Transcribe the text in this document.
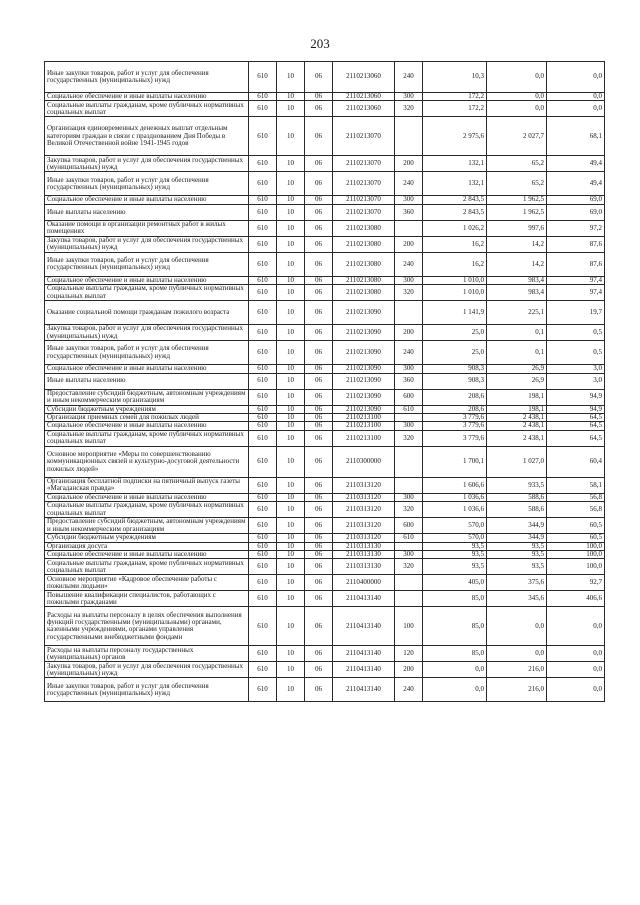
203
Иные закупки товаров, работ и услуг для обеспечения государственных (муниципальных) нужд	610	10	06	2110213060	240	10,3	0,0	0,0
Социальное обеспечение и иные выплаты населению	610	10	06	2110213060	300	172,2	0,0	0,0
Социальные выплаты гражданам, кроме публичных нормативных социальных выплат	610	10	06	2110213060	320	172,2	0,0	0,0
Организация единовременных денежных выплат отдельным категориям граждан в связи с празднованием Дня Победы в Великой Отечественной войне 1941-1945 годов	610	10	06	2110213070		2 975,6	2 027,7	68,1
Закупка товаров, работ и услуг для обеспечения государственных (муниципальных) нужд	610	10	06	2110213070	200	132,1	65,2	49,4
Иные закупки товаров, работ и услуг для обеспечения государственных (муниципальных) нужд	610	10	06	2110213070	240	132,1	65,2	49,4
Социальное обеспечение и иные выплаты населению	610	10	06	2110213070	300	2 843,5	1 962,5	69,0
Иные выплаты населению	610	10	06	2110213070	360	2 843,5	1 962,5	69,0
Оказание помощи в организации ремонтных работ в жилых помещениях	610	10	06	2110213080		1 026,2	997,6	97,2
Закупка товаров, работ и услуг для обеспечения государственных (муниципальных) нужд	610	10	06	2110213080	200	16,2	14,2	87,6
Иные закупки товаров, работ и услуг для обеспечения государственных (муниципальных) нужд	610	10	06	2110213080	240	16,2	14,2	87,6
Социальное обеспечение и иные выплаты населению	610	10	06	2110213080	300	1 010,0	983,4	97,4
Социальные выплаты гражданам, кроме публичных нормативных социальных выплат	610	10	06	2110213080	320	1 010,0	983,4	97,4
Оказание социальной помощи гражданам пожилого возраста	610	10	06	2110213090		1 141,9	225,1	19,7
Закупка товаров, работ и услуг для обеспечения государственных (муниципальных) нужд	610	10	06	2110213090	200	25,0	0,1	0,5
Иные закупки товаров, работ и услуг для обеспечения государственных (муниципальных) нужд	610	10	06	2110213090	240	25,0	0,1	0,5
Социальное обеспечение и иные выплаты населению	610	10	06	2110213090	300	908,3	26,9	3,0
Иные выплаты населению	610	10	06	2110213090	360	908,3	26,9	3,0
Предоставление субсидий бюджетным, автономным учреждениям и иным некоммерческим организациям	610	10	06	2110213090	600	208,6	198,1	94,9
Субсидии бюджетным учреждениям	610	10	06	2110213090	610	208,6	198,1	94,9
Организация приемных семей для пожилых людей	610	10	06	2110213100		3 779,6	2 438,1	64,5
Социальное обеспечение и иные выплаты населению	610	10	06	2110213100	300	3 779,6	2 438,1	64,5
Социальные выплаты гражданам, кроме публичных нормативных социальных выплат	610	10	06	2110213100	320	3 779,6	2 438,1	64,5
Основное мероприятие «Меры по совершенствованию коммуникационных связей и культурно-досуговой деятельности пожилых людей»	610	10	06	2110300000		1 700,1	1 027,0	60,4
Организация бесплатной подписки на пятничный выпуск газеты «Магаданская правда»	610	10	06	2110313120		1 606,6	933,5	58,1
Социальное обеспечение и иные выплаты населению	610	10	06	2110313120	300	1 036,6	588,6	56,8
Социальные выплаты гражданам, кроме публичных нормативных социальных выплат	610	10	06	2110313120	320	1 036,6	588,6	56,8
Предоставление субсидий бюджетным, автономным учреждениям и иным некоммерческим организациям	610	10	06	2110313120	600	570,0	344,9	60,5
Субсидии бюджетным учреждениям	610	10	06	2110313120	610	570,0	344,9	60,5
Организация досуга	610	10	06	2110313130		93,5	93,5	100,0
Социальное обеспечение и иные выплаты населению	610	10	06	2110313130	300	93,5	93,5	100,0
Социальные выплаты гражданам, кроме публичных нормативных социальных выплат	610	10	06	2110313130	320	93,5	93,5	100,0
Основное мероприятие «Кадровое обеспечение работы с пожилыми людьми»	610	10	06	2110400000		405,0	375,6	92,7
Повышение квалификации специалистов, работающих с пожилыми гражданами	610	10	06	2110413140		85,0	345,6	406,6
Расходы на выплаты персоналу в целях обеспечения выполнения функций государственными (муниципальными) органами, казенными учреждениями, органами управления государственными внебюджетными фондами	610	10	06	2110413140	100	85,0	0,0	0,0
Расходы на выплаты персоналу государственных (муниципальных) органов	610	10	06	2110413140	120	85,0	0,0	0,0
Закупка товаров, работ и услуг для обеспечения государственных (муниципальных) нужд	610	10	06	2110413140	200	0,0	216,0	0,0
Иные закупки товаров, работ и услуг для обеспечения государственных (муниципальных) нужд	610	10	06	2110413140	240	0,0	216,0	0,0
